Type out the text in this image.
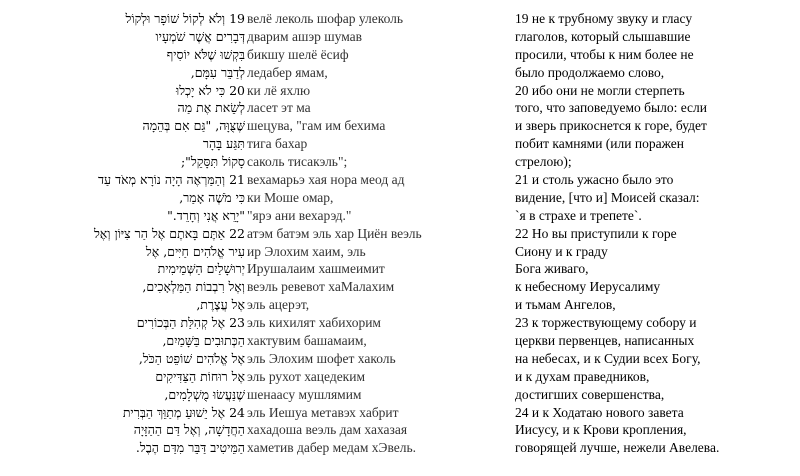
19 וְלֹא לְקוֹל שׁוֹפָר וּלְקוֹל
דְּבָרִים אֲשֶׁר שֹׁמְעָיו
בִּקְשׁוּ שֶׁלֹּא יוֹסִיף
לְדַבֵּר עִמָּם,
20 כִּי לֹא יָכְלוּ
לְשֵׂאת אֶת מַה
שֶּׁצֻּוָּה, "גַּם אִם בְּהֵמָה
תִּגַּע בָּהָר
סָקוֹל תִּסָּקֵל";
21 וְהַמַּרְאֶה הָיָה נוֹרָא מְאֹד עַד
כִּי מֹשֶׁה אָמַר,
"יָרֵא אֲנִי וְחָרֵד."
22 אַתֶּם בָּאתֶם אֶל הַר צִיּוֹן וְאֶל
עִיר אֱלֹהִים חַיִּים, אֶל
יְרוּשָׁלַיִם הַשְּׁמֵימִית
וְאֶל רִבְבוֹת הַמַּלְאָכִים,
אֶל עֲצֶרֶת,
23 אֶל קְהִלַּת הַבְּכוֹרִים
הַכְּתוּבִים בַּשָּׁמַיִם,
אֶל אֱלֹהִים שׁוֹפֵט הַכֹּל,
אֶל רוּחוֹת הַצַּדִּיקִים
שֶׁנַּעֲשׂוּ מֻשְׁלָמִים,
24 אֶל יֵשׁוּעַ מְתַוֵּךְ הַבְּרִית
הַחֲדָשָׁה, וְאֶל דַּם הַהַזָּיָה
הַמֵּיטִיב דַּבֵּר מִדַּם הֶבֶל.
велё леколь шофар улеколь
дварим ашэр шумав
бикшу шелё ёсиф
ледабер ямам,
ки лё яхлю
ласет эт ма
шецува, "гам им бехима
тига бахар
саколь тисакэль";
вехамарьэ хая нора меод ад
ки Моше омар,
"ярэ ани вехарэд."
атэм батэм эль хар Циён веэль
ир Элохим хаим, эль
Ирушалаим хашмеимит
веэль ревевот хаМалахим
эль ацерэт,
эль кихилят хабихорим
хактувим башамаим,
эль Элохим шофет хаколь
эль рухот хацедеким
шенаасу мушлямим
эль Иешуа метавэх хабрит
хахадоша веэль дам хахазая
хаметив дабер медам хЭвель.
19 не к трубному звуку и гласу
глаголов, который слышавшие
просили, чтобы к ним более не
было продолжаемо слово,
20 ибо они не могли стерпеть
того, что заповедуемо было: если
и зверь прикоснется к горе, будет
побит камнями (или поражен
стрелою);
21 и столь ужасно было это
видение, [что и] Моисей сказал:
`я в страхе и трепете`.
22 Но вы приступили к горе
Сиону и к граду
Бога живаго,
к небесному Иерусалиму
и тьмам Ангелов,
23 к торжествующему собору и
церкви первенцев, написанных
на небесах, и к Судии всех Богу,
и к духам праведников,
достигших совершенства,
24 и к Ходатаю нового завета
Иисусу, и к Крови кропления,
говорящей лучше, нежели Авелева.
